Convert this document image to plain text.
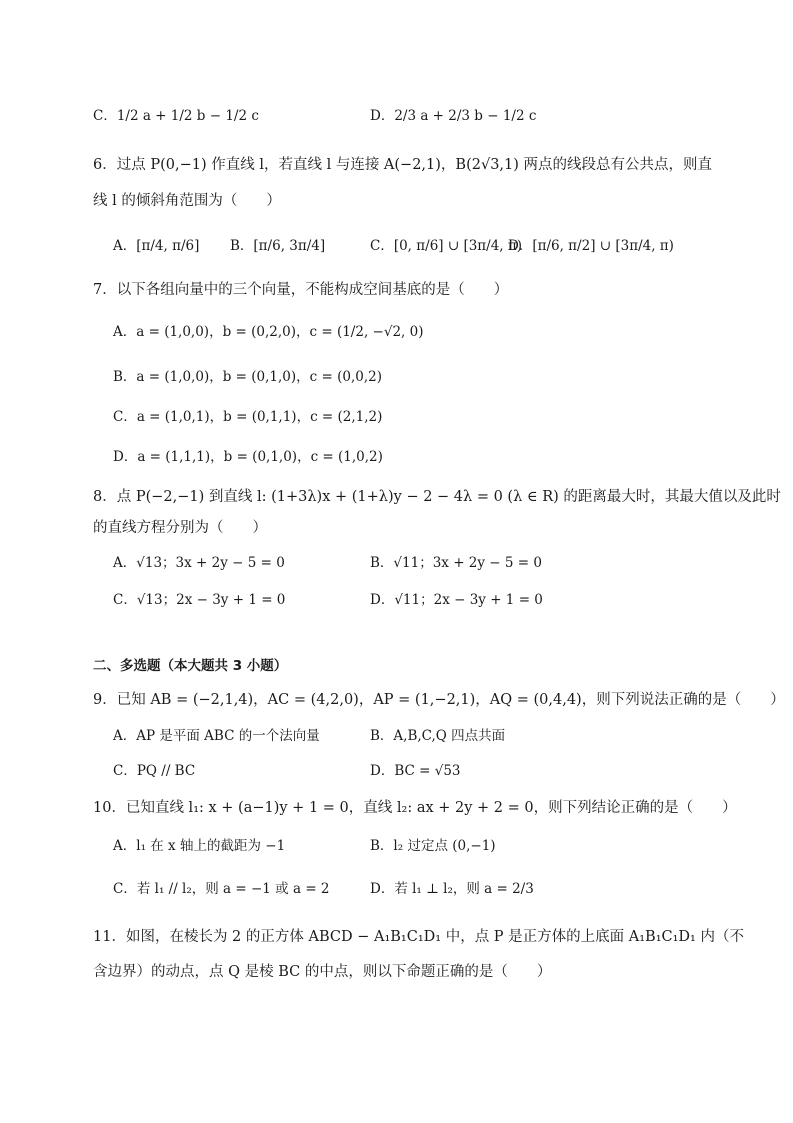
C．1/2 a + 1/2 b − 1/2 c	D．2/3 a + 2/3 b − 1/2 c
6．过点 P(0,−1) 作直线 l，若直线 l 与连接 A(−2,1)，B(2√3,1) 两点的线段总有公共点，则直
线 l 的倾斜角范围为（　　）
A．[π/4, π/6] B．[π/6, 3π/4]	C．[0, π/6] ∪ [3π/4, π)
D．[π/6, π/2] ∪ [3π/4, π)
7．以下各组向量中的三个向量，不能构成空间基底的是（　　）
A．a = (1,0,0)，b = (0,2,0)，c = (1/2, −√2, 0)
B．a = (1,0,0)，b = (0,1,0)，c = (0,0,2)
C．a = (1,0,1)，b = (0,1,1)，c = (2,1,2)
D．a = (1,1,1)，b = (0,1,0)，c = (1,0,2)
8．点 P(−2,−1) 到直线 l: (1+3λ)x + (1+λ)y − 2 − 4λ = 0 (λ ∈ R) 的距离最大时，其最大值以及此时
的直线方程分别为（　　）
A．√13；3x + 2y − 5 = 0	B．√11；3x + 2y − 5 = 0
C．√13；2x − 3y + 1 = 0	D．√11；2x − 3y + 1 = 0
二、多选题（本大题共 3 小题）
9．已知 AB = (−2,1,4)，AC = (4,2,0)，AP = (1,−2,1)，AQ = (0,4,4)，则下列说法正确的是（　　）
A．AP 是平面 ABC 的一个法向量	B．A,B,C,Q 四点共面
C．PQ // BC	D．BC = √53
10．已知直线 l₁: x + (a−1)y + 1 = 0，直线 l₂: ax + 2y + 2 = 0，则下列结论正确的是（　　）
A．l₁ 在 x 轴上的截距为 −1	B．l₂ 过定点 (0,−1)
C．若 l₁ // l₂，则 a = −1 或 a = 2	D．若 l₁ ⊥ l₂，则 a = 2/3
11．如图，在棱长为 2 的正方体 ABCD − A₁B₁C₁D₁ 中，点 P 是正方体的上底面 A₁B₁C₁D₁ 内（不
含边界）的动点，点 Q 是棱 BC 的中点，则以下命题正确的是（　　）
